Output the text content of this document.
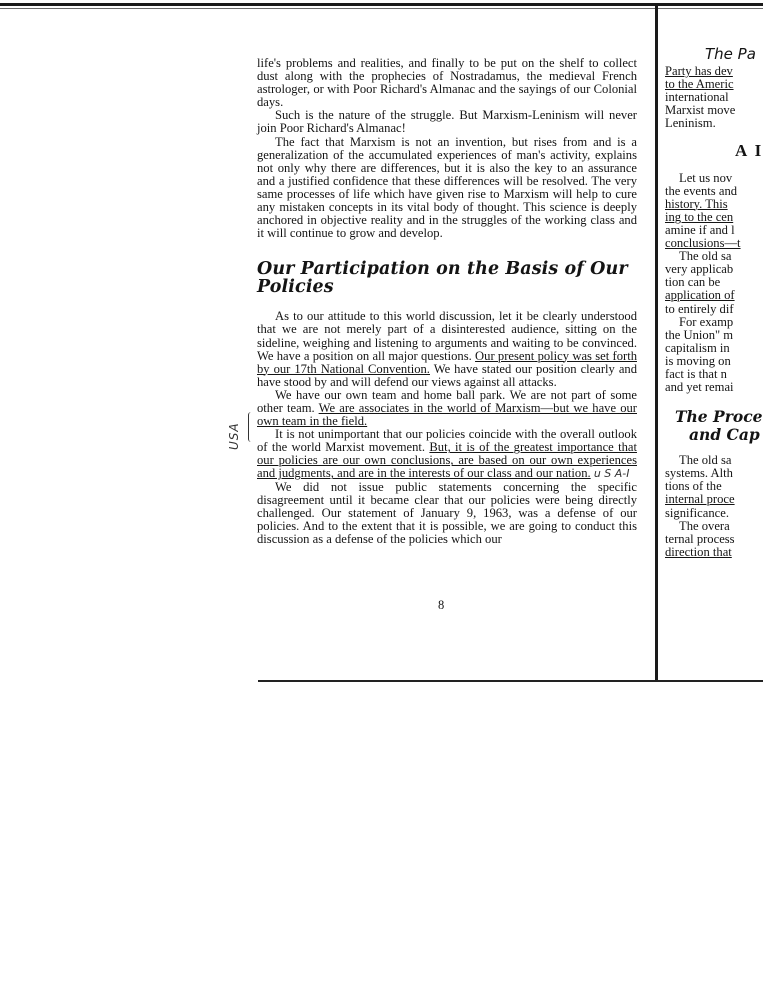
life's problems and realities, and finally to be put on the shelf to collect dust along with the prophecies of Nostradamus, the medieval French astrologer, or with Poor Richard's Almanac and the sayings of our Colonial days.

Such is the nature of the struggle. But Marxism-Leninism will never join Poor Richard's Almanac!

The fact that Marxism is not an invention, but rises from and is a generalization of the accumulated experiences of man's activity, explains not only why there are differences, but it is also the key to an assurance and a justified confidence that these differences will be resolved. The very same processes of life which have given rise to Marxism will help to cure any mistaken concepts in its vital body of thought. This science is deeply anchored in objective reality and in the struggles of the working class and it will continue to grow and develop.

Our Participation on the Basis of Our Policies

As to our attitude to this world discussion, let it be clearly understood that we are not merely part of a disinterested audience, sitting on the sideline, weighing and listening to arguments and waiting to be convinced. We have a position on all major questions. Our present policy was set forth by our 17th National Convention. We have stated our position clearly and have stood by and will defend our views against all attacks.

We have our own team and home ball park. We are not part of some other team. We are associates in the world of Marxism—but we have our own team in the field.

It is not unimportant that our policies coincide with the overall outlook of the world Marxist movement. But, it is of the greatest importance that our policies are our own conclusions, are based on our own experiences and judgments, and are in the interests of our class and our nation. u S A-I

We did not issue public statements concerning the specific disagreement until it became clear that our policies were being directly challenged. Our statement of January 9, 1963, was a defense of our policies. And to the extent that it is possible, we are going to conduct this discussion as a defense of the policies which our

8
USA
The Pa
Party has dev
to the Americ
international
Marxist move
Leninism.
A I
Let us nov
the events and
history. This
ing to the cen
amine if and l
conclusions—t
The old sa
very applicab
tion can be
application of
to entirely dif
For examp
the Union" m
capitalism in
is moving on
fact is that n
and yet remai
The Proce
and Cap
The old sa
systems. Alth
tions of the
internal proce
significance.
The overa
ternal process
direction that
